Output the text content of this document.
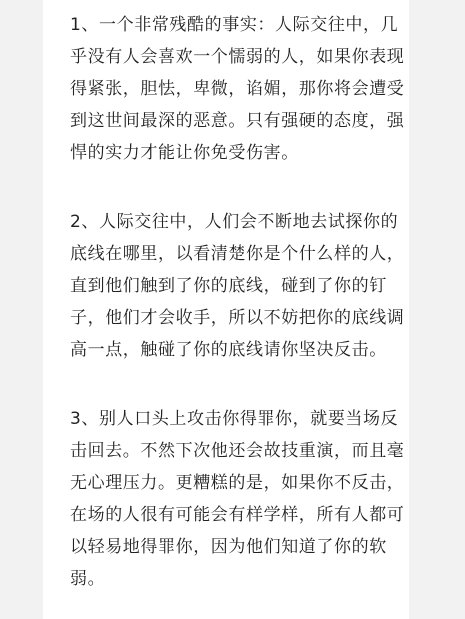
1、一个非常残酷的事实：人际交往中，几
乎没有人会喜欢一个懦弱的人，如果你表现
得紧张，胆怯，卑微，谄媚，那你将会遭受
到这世间最深的恶意。只有强硬的态度，强
悍的实力才能让你免受伤害。
2、人际交往中，人们会不断地去试探你的
底线在哪里，以看清楚你是个什么样的人，
直到他们触到了你的底线，碰到了你的钉
子，他们才会收手，所以不妨把你的底线调
高一点，触碰了你的底线请你坚决反击。
3、别人口头上攻击你得罪你，就要当场反
击回去。不然下次他还会故技重演，而且毫
无心理压力。更糟糕的是，如果你不反击，
在场的人很有可能会有样学样，所有人都可
以轻易地得罪你，因为他们知道了你的软
弱。
